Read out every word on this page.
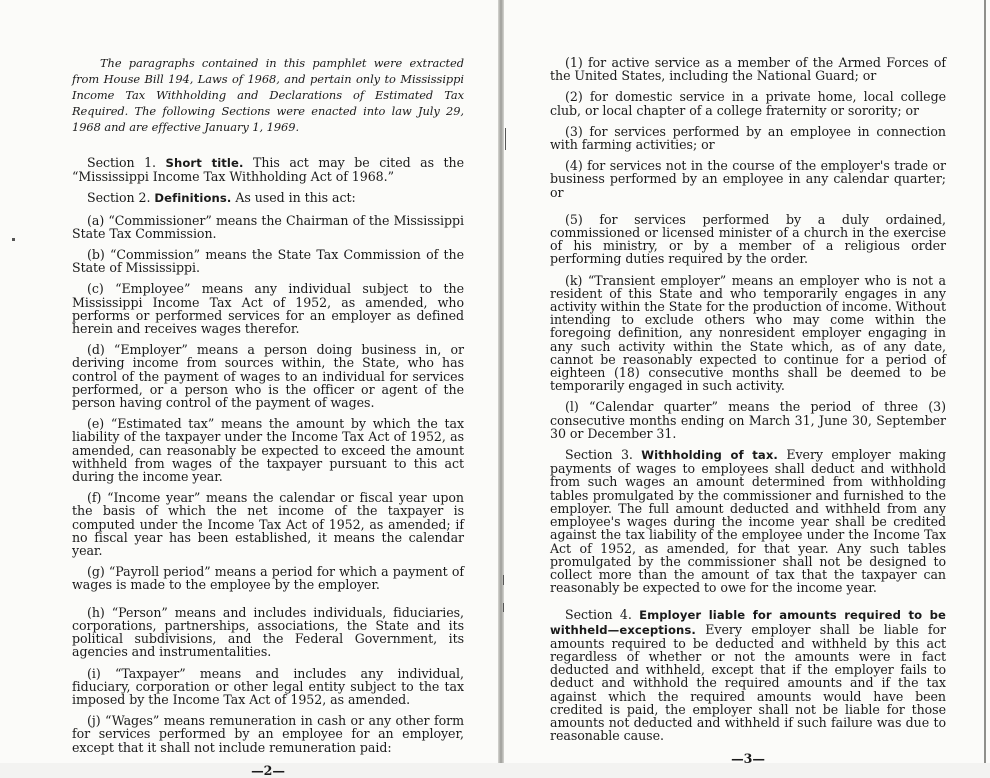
The paragraphs contained in this pamphlet were extracted from House Bill 194, Laws of 1968, and pertain only to Mississippi Income Tax Withholding and Declarations of Estimated Tax Required. The following Sections were enacted into law July 29, 1968 and are effective January 1, 1969.

Section 1. Short title. This act may be cited as the “Mississippi Income Tax Withholding Act of 1968.”

Section 2. Definitions. As used in this act:

(a) “Commissioner” means the Chairman of the Mississippi State Tax Commission.

(b) “Commission” means the State Tax Commission of the State of Mississippi.

(c) “Employee” means any individual subject to the Mississippi Income Tax Act of 1952, as amended, who performs or performed services for an employer as defined herein and receives wages therefor.

(d) “Employer” means a person doing business in, or deriving income from sources within, the State, who has control of the payment of wages to an individual for services performed, or a person who is the officer or agent of the person having control of the payment of wages.

(e) “Estimated tax” means the amount by which the tax liability of the taxpayer under the Income Tax Act of 1952, as amended, can reasonably be expected to exceed the amount withheld from wages of the taxpayer pursuant to this act during the income year.

(f) “Income year” means the calendar or fiscal year upon the basis of which the net income of the taxpayer is computed under the Income Tax Act of 1952, as amended; if no fiscal year has been established, it means the calendar year.

(g) “Payroll period” means a period for which a payment of wages is made to the employee by the employer.

(h) “Person” means and includes individuals, fiduciaries, corporations, partnerships, associations, the State and its political subdivisions, and the Federal Government, its agencies and instrumentalities.

(i) “Taxpayer” means and includes any individual, fiduciary, corporation or other legal entity subject to the tax imposed by the Income Tax Act of 1952, as amended.

(j) “Wages” means remuneration in cash or any other form for services performed by an employee for an employer, except that it shall not include remuneration paid:

—2—

(1) for active service as a member of the Armed Forces of the United States, including the National Guard; or

(2) for domestic service in a private home, local college club, or local chapter of a college fraternity or sorority; or

(3) for services performed by an employee in connection with farming activities; or

(4) for services not in the course of the employer's trade or business performed by an employee in any calendar quarter; or

(5) for services performed by a duly ordained, commissioned or licensed minister of a church in the exercise of his ministry, or by a member of a religious order performing duties required by the order.

(k) “Transient employer” means an employer who is not a resident of this State and who temporarily engages in any activity within the State for the production of income. Without intending to exclude others who may come within the foregoing definition, any nonresident employer engaging in any such activity within the State which, as of any date, cannot be reasonably expected to continue for a period of eighteen (18) consecutive months shall be deemed to be temporarily engaged in such activity.

(l) “Calendar quarter” means the period of three (3) consecutive months ending on March 31, June 30, September 30 or December 31.

Section 3. Withholding of tax. Every employer making payments of wages to employees shall deduct and withhold from such wages an amount determined from withholding tables promulgated by the commissioner and furnished to the employer. The full amount deducted and withheld from any employee's wages during the income year shall be credited against the tax liability of the employee under the Income Tax Act of 1952, as amended, for that year. Any such tables promulgated by the commissioner shall not be designed to collect more than the amount of tax that the taxpayer can reasonably be expected to owe for the income year.

Section 4. Employer liable for amounts required to be withheld—exceptions. Every employer shall be liable for amounts required to be deducted and withheld by this act regardless of whether or not the amounts were in fact deducted and withheld, except that if the employer fails to deduct and withhold the required amounts and if the tax against which the required amounts would have been credited is paid, the employer shall not be liable for those amounts not deducted and withheld if such failure was due to reasonable cause.

—3—
